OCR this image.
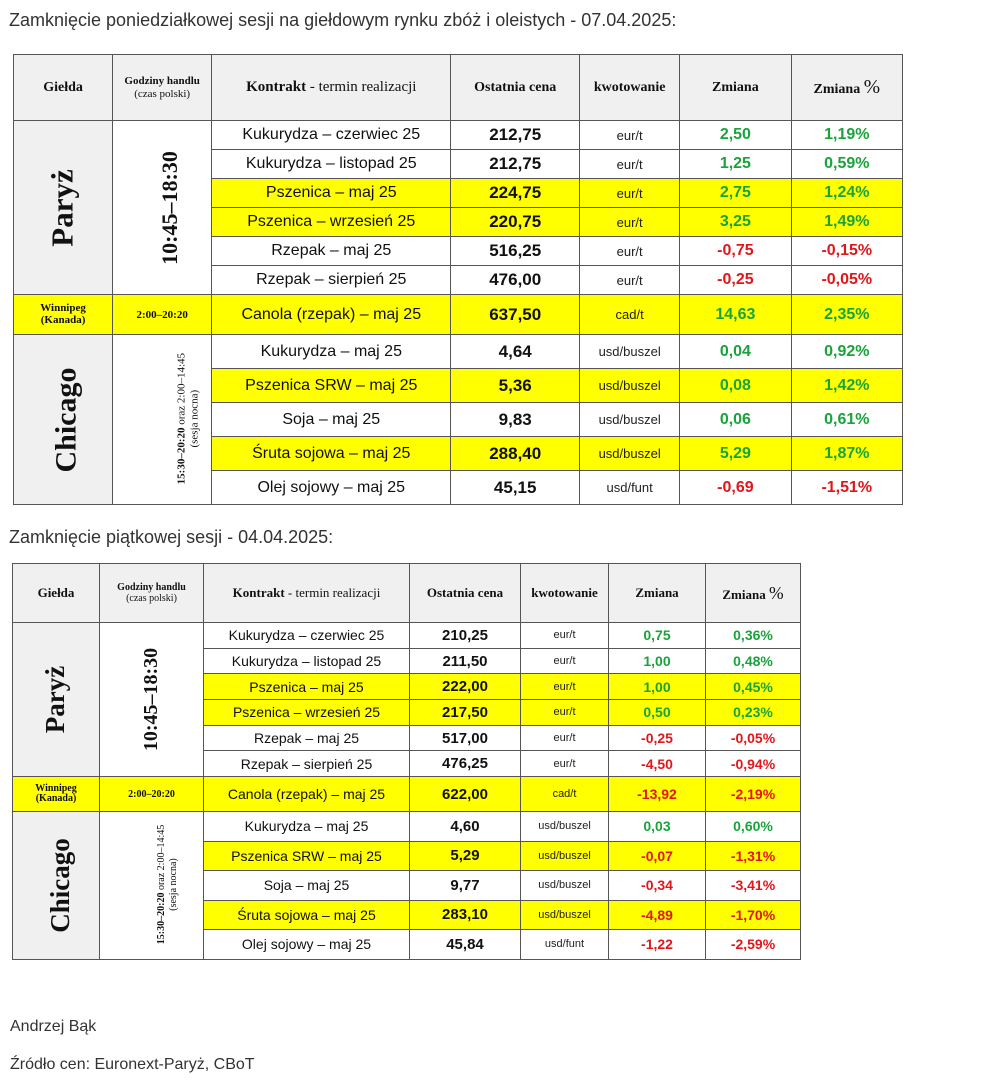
Zamknięcie poniedziałkowej sesji na giełdowym rynku zbóż i oleistych - 07.04.2025:
Giełda	Godziny handlu
(czas polski)	Kontrakt - termin realizacji	Ostatnia cena	kwotowanie	Zmiana	Zmiana %
Paryż	10:45–18:30	Kukurydza – czerwiec 25	212,75	eur/t	2,50	1,19%
		Kukurydza – listopad 25	212,75	eur/t	1,25	0,59%
		Pszenica – maj 25	224,75	eur/t	2,75	1,24%
		Pszenica – wrzesień 25	220,75	eur/t	3,25	1,49%
		Rzepak – maj 25	516,25	eur/t	-0,75	-0,15%
		Rzepak – sierpień 25	476,00	eur/t	-0,25	-0,05%
Winnipeg
(Kanada)	2:00–20:20	Canola (rzepak) – maj 25	637,50	cad/t	14,63	2,35%
Chicago	15:30–20:20 oraz 2:00–14:45 (sesja nocna)	Kukurydza – maj 25	4,64	usd/buszel	0,04	0,92%
		Pszenica SRW – maj 25	5,36	usd/buszel	0,08	1,42%
		Soja – maj 25	9,83	usd/buszel	0,06	0,61%
		Śruta sojowa – maj 25	288,40	usd/buszel	5,29	1,87%
		Olej sojowy – maj 25	45,15	usd/funt	-0,69	-1,51%
Zamknięcie piątkowej sesji - 04.04.2025:
Giełda	Godziny handlu
(czas polski)	Kontrakt - termin realizacji	Ostatnia cena	kwotowanie	Zmiana	Zmiana %
Paryż	10:45–18:30	Kukurydza – czerwiec 25	210,25	eur/t	0,75	0,36%
		Kukurydza – listopad 25	211,50	eur/t	1,00	0,48%
		Pszenica – maj 25	222,00	eur/t	1,00	0,45%
		Pszenica – wrzesień 25	217,50	eur/t	0,50	0,23%
		Rzepak – maj 25	517,00	eur/t	-0,25	-0,05%
		Rzepak – sierpień 25	476,25	eur/t	-4,50	-0,94%
Winnipeg
(Kanada)	2:00–20:20	Canola (rzepak) – maj 25	622,00	cad/t	-13,92	-2,19%
Chicago	15:30–20:20 oraz 2:00–14:45 (sesja nocna)	Kukurydza – maj 25	4,60	usd/buszel	0,03	0,60%
		Pszenica SRW – maj 25	5,29	usd/buszel	-0,07	-1,31%
		Soja – maj 25	9,77	usd/buszel	-0,34	-3,41%
		Śruta sojowa – maj 25	283,10	usd/buszel	-4,89	-1,70%
		Olej sojowy – maj 25	45,84	usd/funt	-1,22	-2,59%
Andrzej Bąk
Źródło cen: Euronext-Paryż, CBoT
